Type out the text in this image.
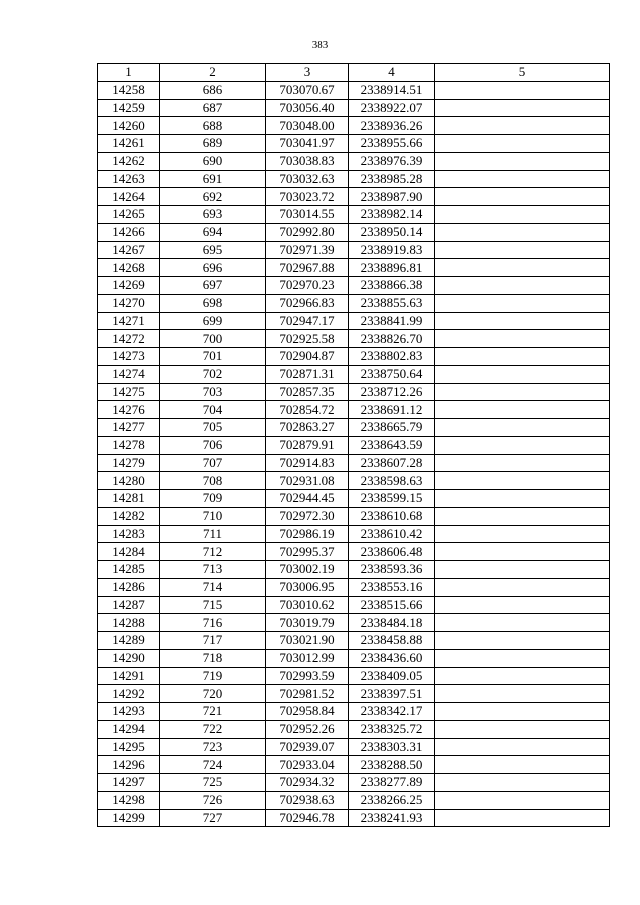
383
1	2	3	4	5
14258	686	703070.67	2338914.51	
14259	687	703056.40	2338922.07	
14260	688	703048.00	2338936.26	
14261	689	703041.97	2338955.66	
14262	690	703038.83	2338976.39	
14263	691	703032.63	2338985.28	
14264	692	703023.72	2338987.90	
14265	693	703014.55	2338982.14	
14266	694	702992.80	2338950.14	
14267	695	702971.39	2338919.83	
14268	696	702967.88	2338896.81	
14269	697	702970.23	2338866.38	
14270	698	702966.83	2338855.63	
14271	699	702947.17	2338841.99	
14272	700	702925.58	2338826.70	
14273	701	702904.87	2338802.83	
14274	702	702871.31	2338750.64	
14275	703	702857.35	2338712.26	
14276	704	702854.72	2338691.12	
14277	705	702863.27	2338665.79	
14278	706	702879.91	2338643.59	
14279	707	702914.83	2338607.28	
14280	708	702931.08	2338598.63	
14281	709	702944.45	2338599.15	
14282	710	702972.30	2338610.68	
14283	711	702986.19	2338610.42	
14284	712	702995.37	2338606.48	
14285	713	703002.19	2338593.36	
14286	714	703006.95	2338553.16	
14287	715	703010.62	2338515.66	
14288	716	703019.79	2338484.18	
14289	717	703021.90	2338458.88	
14290	718	703012.99	2338436.60	
14291	719	702993.59	2338409.05	
14292	720	702981.52	2338397.51	
14293	721	702958.84	2338342.17	
14294	722	702952.26	2338325.72	
14295	723	702939.07	2338303.31	
14296	724	702933.04	2338288.50	
14297	725	702934.32	2338277.89	
14298	726	702938.63	2338266.25	
14299	727	702946.78	2338241.93	
